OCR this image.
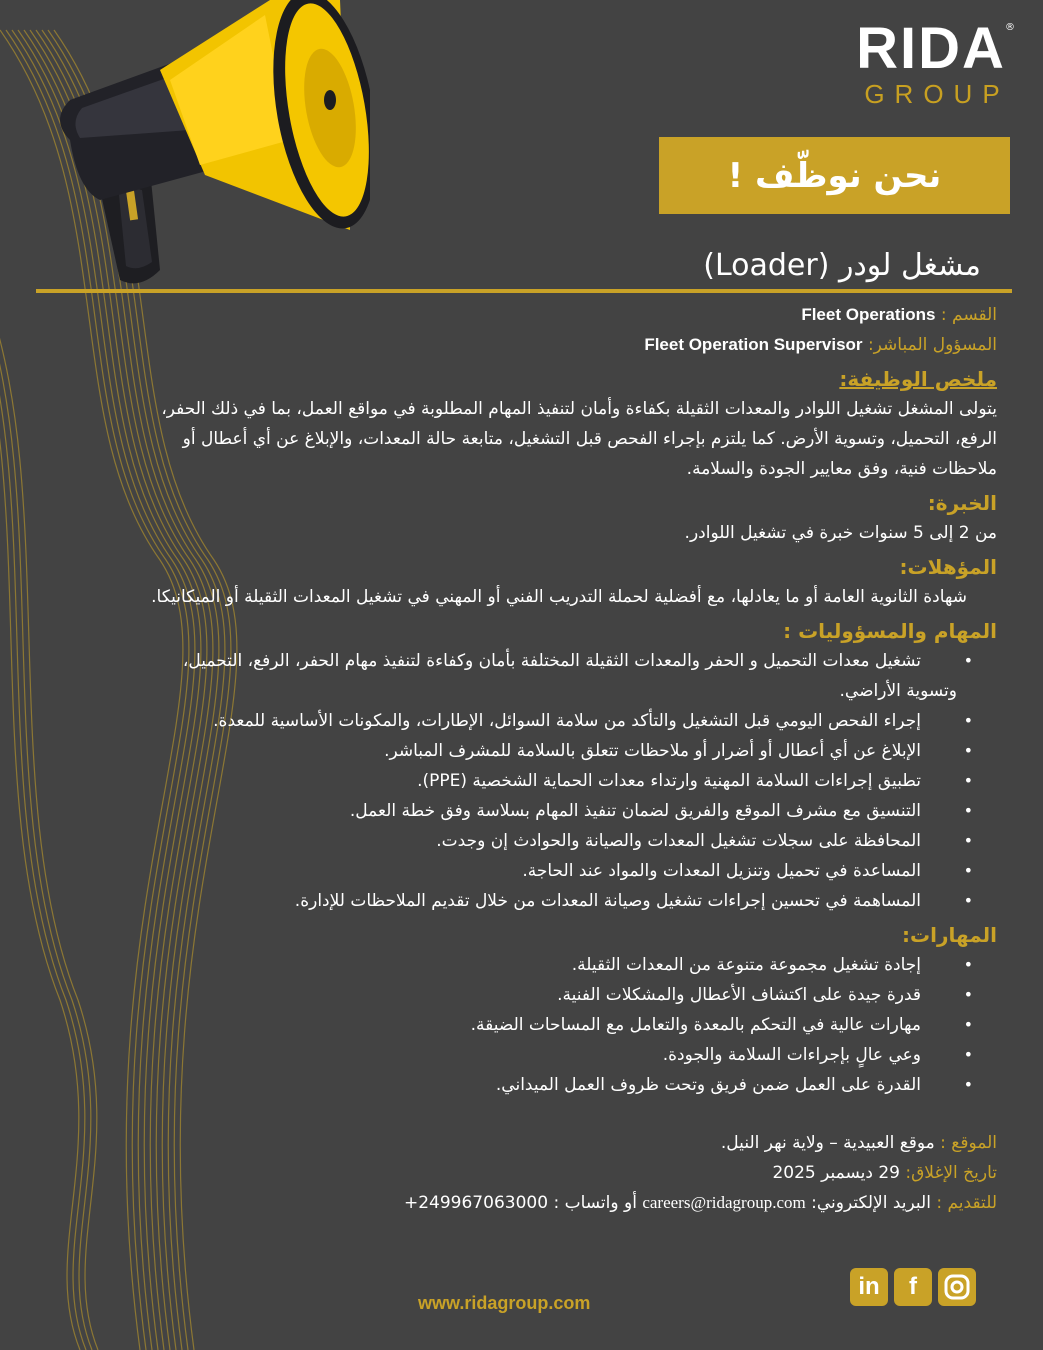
RIDA ®
GROUP
نحن نوظّف !
مشغل لودر (Loader)
القسم : Fleet Operations
المسؤول المباشر: Fleet Operation Supervisor
ملخص الوظيفة:
يتولى المشغل تشغيل اللوادر والمعدات الثقيلة بكفاءة وأمان لتنفيذ المهام المطلوبة في مواقع العمل، بما في ذلك الحفر،
الرفع، التحميل، وتسوية الأرض. كما يلتزم بإجراء الفحص قبل التشغيل، متابعة حالة المعدات، والإبلاغ عن أي أعطال أو
ملاحظات فنية، وفق معايير الجودة والسلامة.
الخبرة:
من 2 إلى 5 سنوات خبرة في تشغيل اللوادر.
المؤهلات:
شهادة الثانوية العامة أو ما يعادلها، مع أفضلية لحملة التدريب الفني أو المهني في تشغيل المعدات الثقيلة أو الميكانيكا.
المهام والمسؤوليات :
• تشغيل معدات التحميل و الحفر والمعدات الثقيلة المختلفة بأمان وكفاءة لتنفيذ مهام الحفر، الرفع، التحميل،
وتسوية الأراضي.
• إجراء الفحص اليومي قبل التشغيل والتأكد من سلامة السوائل، الإطارات، والمكونات الأساسية للمعدة.
• الإبلاغ عن أي أعطال أو أضرار أو ملاحظات تتعلق بالسلامة للمشرف المباشر.
• تطبيق إجراءات السلامة المهنية وارتداء معدات الحماية الشخصية (PPE).
• التنسيق مع مشرف الموقع والفريق لضمان تنفيذ المهام بسلاسة وفق خطة العمل.
• المحافظة على سجلات تشغيل المعدات والصيانة والحوادث إن وجدت.
• المساعدة في تحميل وتنزيل المعدات والمواد عند الحاجة.
• المساهمة في تحسين إجراءات تشغيل وصيانة المعدات من خلال تقديم الملاحظات للإدارة.
المهارات:
• إجادة تشغيل مجموعة متنوعة من المعدات الثقيلة.
• قدرة جيدة على اكتشاف الأعطال والمشكلات الفنية.
• مهارات عالية في التحكم بالمعدة والتعامل مع المساحات الضيقة.
• وعي عالٍ بإجراءات السلامة والجودة.
• القدرة على العمل ضمن فريق وتحت ظروف العمل الميداني.
الموقع : موقع العبيدية – ولاية نهر النيل.
تاريخ الإغلاق: 29 ديسمبر 2025
للتقديم : البريد الإلكتروني: careers@ridagroup.com أو واتساب : +249967063000
www.ridagroup.com
in f
